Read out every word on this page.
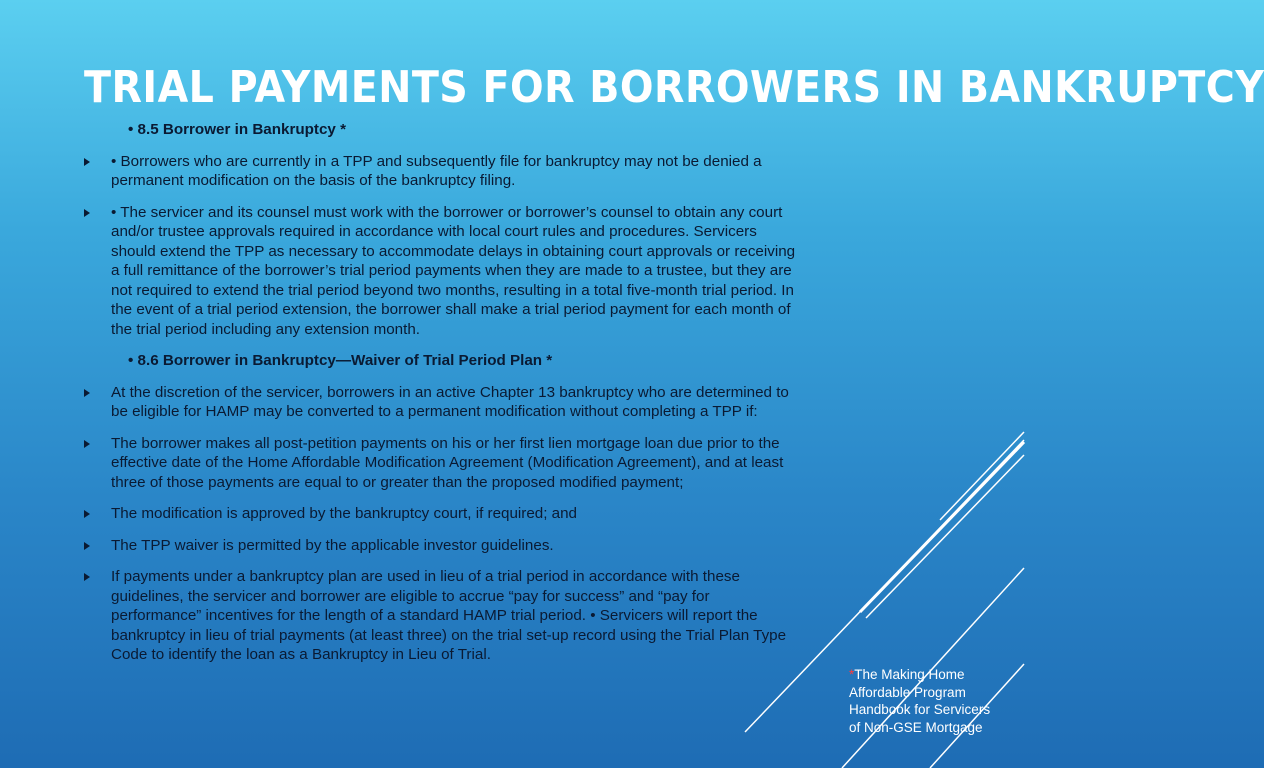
TRIAL PAYMENTS FOR BORROWERS IN BANKRUPTCY
• 8.5 Borrower in Bankruptcy *
• Borrowers who are currently in a TPP and subsequently file for bankruptcy may not be denied a permanent modification on the basis of the bankruptcy filing.
• The servicer and its counsel must work with the borrower or borrower’s counsel to obtain any court and/or trustee approvals required in accordance with local court rules and procedures. Servicers should extend the TPP as necessary to accommodate delays in obtaining court approvals or receiving a full remittance of the borrower’s trial period payments when they are made to a trustee, but they are not required to extend the trial period beyond two months, resulting in a total five-month trial period. In the event of a trial period extension, the borrower shall make a trial period payment for each month of the trial period including any extension month.
• 8.6 Borrower in Bankruptcy—Waiver of Trial Period Plan *
At the discretion of the servicer, borrowers in an active Chapter 13 bankruptcy who are determined to be eligible for HAMP may be converted to a permanent modification without completing a TPP if:
The borrower makes all post-petition payments on his or her first lien mortgage loan due prior to the effective date of the Home Affordable Modification Agreement (Modification Agreement), and at least three of those payments are equal to or greater than the proposed modified payment;
The modification is approved by the bankruptcy court, if required; and
The TPP waiver is permitted by the applicable investor guidelines.
If payments under a bankruptcy plan are used in lieu of a trial period in accordance with these guidelines, the servicer and borrower are eligible to accrue “pay for success” and “pay for performance” incentives for the length of a standard HAMP trial period. • Servicers will report the bankruptcy in lieu of trial payments (at least three) on the trial set-up record using the Trial Plan Type Code to identify the loan as a Bankruptcy in Lieu of Trial.
*The Making Home Affordable Program Handbook for Servicers of Non-GSE Mortgage
